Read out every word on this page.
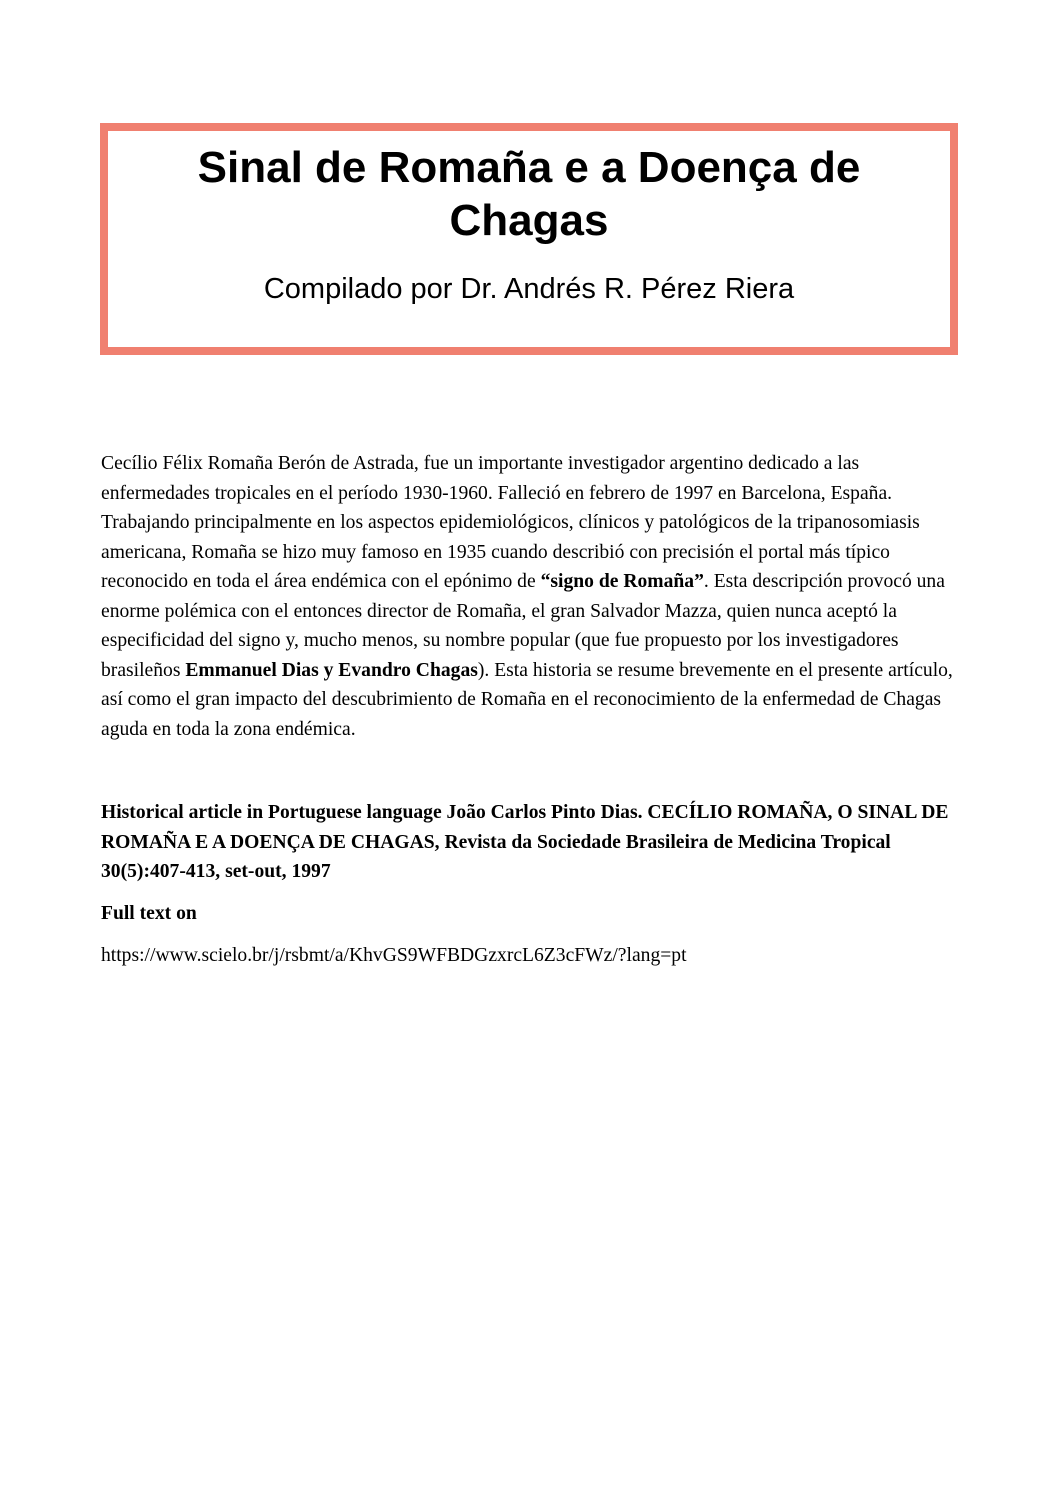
Sinal de Romaña e a Doença de Chagas

Compilado por Dr. Andrés R. Pérez Riera

Cecílio Félix Romaña Berón de Astrada, fue un importante investigador argentino dedicado a las enfermedades tropicales en el período 1930-1960. Falleció en febrero de 1997 en Barcelona, España. Trabajando principalmente en los aspectos epidemiológicos, clínicos y patológicos de la tripanosomiasis americana, Romaña se hizo muy famoso en 1935 cuando describió con precisión el portal más típico reconocido en toda el área endémica con el epónimo de “signo de Romaña”. Esta descripción provocó una enorme polémica con el entonces director de Romaña, el gran Salvador Mazza, quien nunca aceptó la especificidad del signo y, mucho menos, su nombre popular (que fue propuesto por los investigadores brasileños Emmanuel Dias y Evandro Chagas). Esta historia se resume brevemente en el presente artículo, así como el gran impacto del descubrimiento de Romaña en el reconocimiento de la enfermedad de Chagas aguda en toda la zona endémica.

Historical article in Portuguese language João Carlos Pinto Dias. CECÍLIO ROMAÑA, O SINAL DE ROMAÑA E A DOENÇA DE CHAGAS, Revista da Sociedade Brasileira de Medicina Tropical 30(5):407-413, set-out, 1997

Full text on

https://www.scielo.br/j/rsbmt/a/KhvGS9WFBDGzxrcL6Z3cFWz/?lang=pt
